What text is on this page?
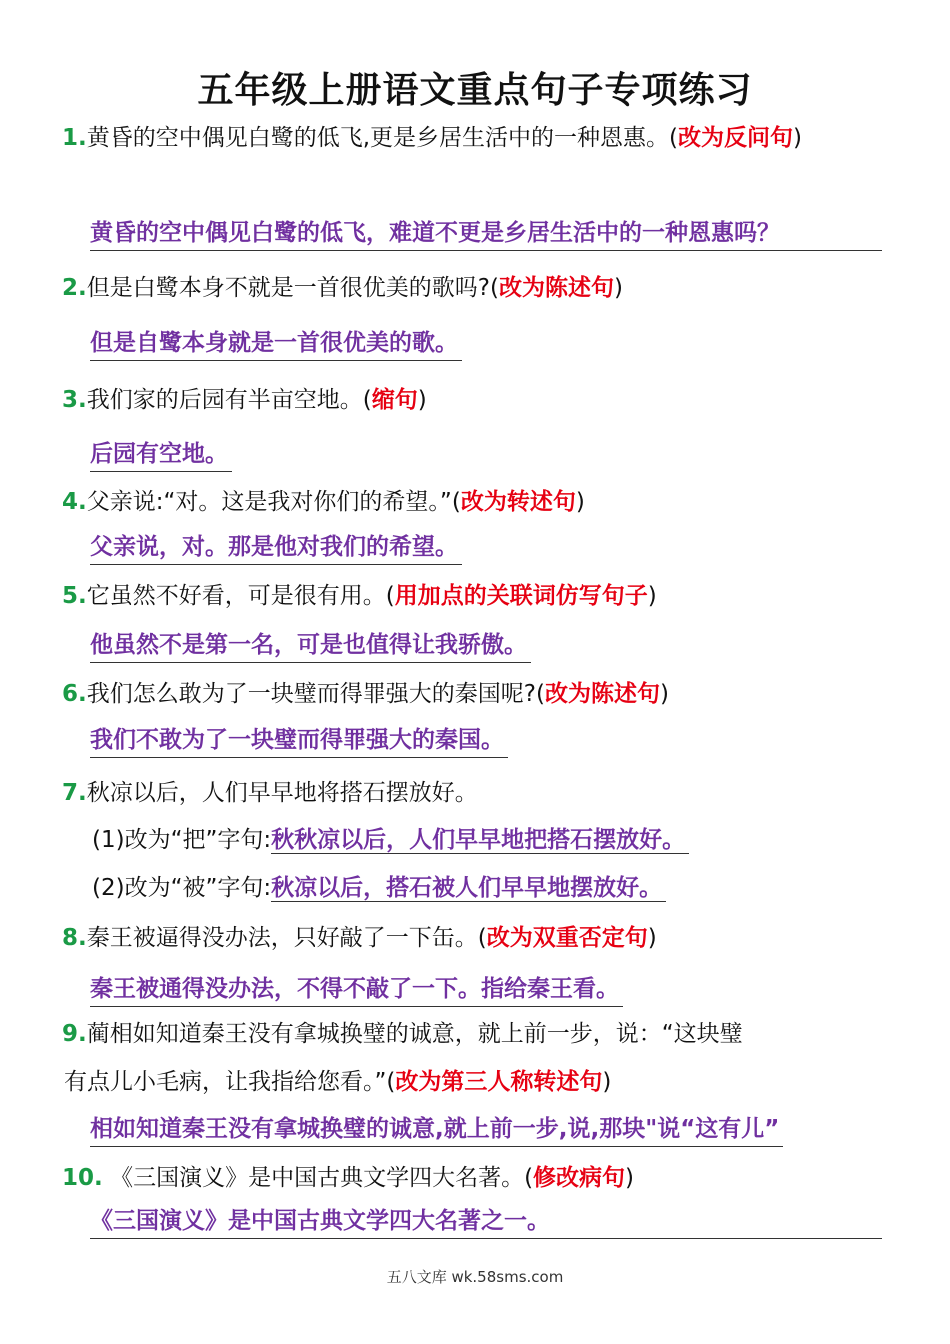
五年级上册语文重点句子专项练习
1.黄昏的空中偶见白鹭的低飞,更是乡居生活中的一种恩惠。(改为反问句)
黄昏的空中偶见白鹭的低飞，难道不更是乡居生活中的一种恩惠吗？
2.但是白鹭本身不就是一首很优美的歌吗?(改为陈述句)
但是自鹭本身就是一首很优美的歌。
3.我们家的后园有半亩空地。(缩句)
后园有空地。
4.父亲说:“对。这是我对你们的希望。”(改为转述句)
父亲说，对。那是他对我们的希望。
5.它虽然不好看，可是很有用。(用加点的关联词仿写句子)
他虽然不是第一名，可是也值得让我骄傲。
6.我们怎么敢为了一块璧而得罪强大的秦国呢?(改为陈述句)
我们不敢为了一块璧而得罪强大的秦国。
7.秋凉以后，人们早早地将搭石摆放好。
(1)改为“把”字句:秋秋凉以后，人们早早地把搭石摆放好。
(2)改为“被”字句:秋凉以后，搭石被人们早早地摆放好。
8.秦王被逼得没办法，只好敲了一下缶。(改为双重否定句)
秦王被通得没办法，不得不敲了一下。指给秦王看。
9.蔺相如知道秦王没有拿城换璧的诚意，就上前一步，说：“这块璧
有点儿小毛病，让我指给您看。”(改为第三人称转述句)
相如知道秦王没有拿城换璧的诚意,就上前一步,说,那块"说“这有儿”
10. 《三国演义》是中国古典文学四大名著。(修改病句)
《三国演义》是中国古典文学四大名著之一。
五八文库 wk.58sms.com
